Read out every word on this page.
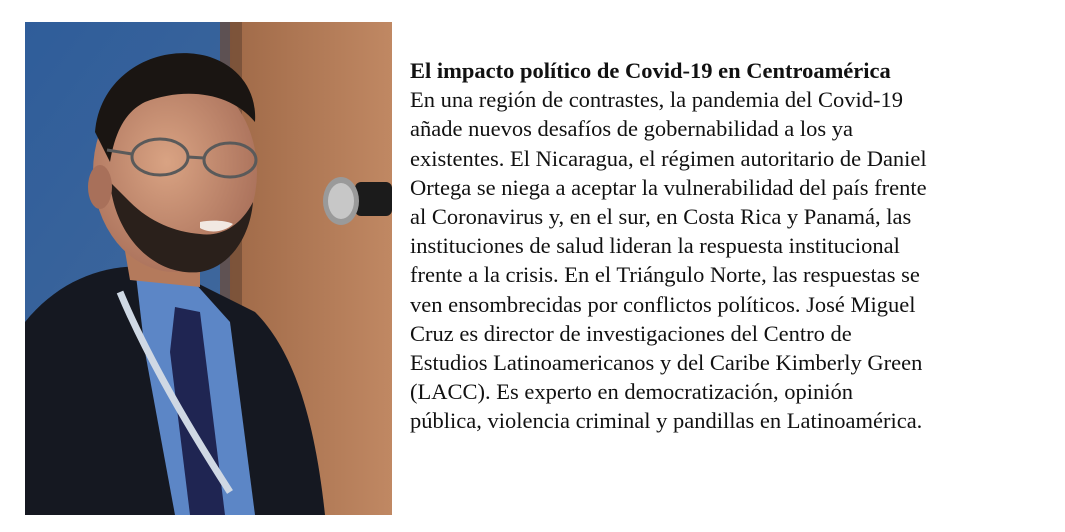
El impacto político de Covid-19 en Centroamérica

En una región de contrastes, la pandemia del Covid-19

añade nuevos desafíos de gobernabilidad a los ya

existentes. El Nicaragua, el régimen autoritario de Daniel

Ortega se niega a aceptar la vulnerabilidad del país frente

al Coronavirus y, en el sur, en Costa Rica y Panamá, las

instituciones de salud lideran la respuesta institucional

frente a la crisis. En el Triángulo Norte, las respuestas se

ven ensombrecidas por conflictos políticos. José Miguel

Cruz es director de investigaciones del Centro de

Estudios Latinoamericanos y del Caribe Kimberly Green

(LACC). Es experto en democratización, opinión

pública, violencia criminal y pandillas en Latinoamérica.
